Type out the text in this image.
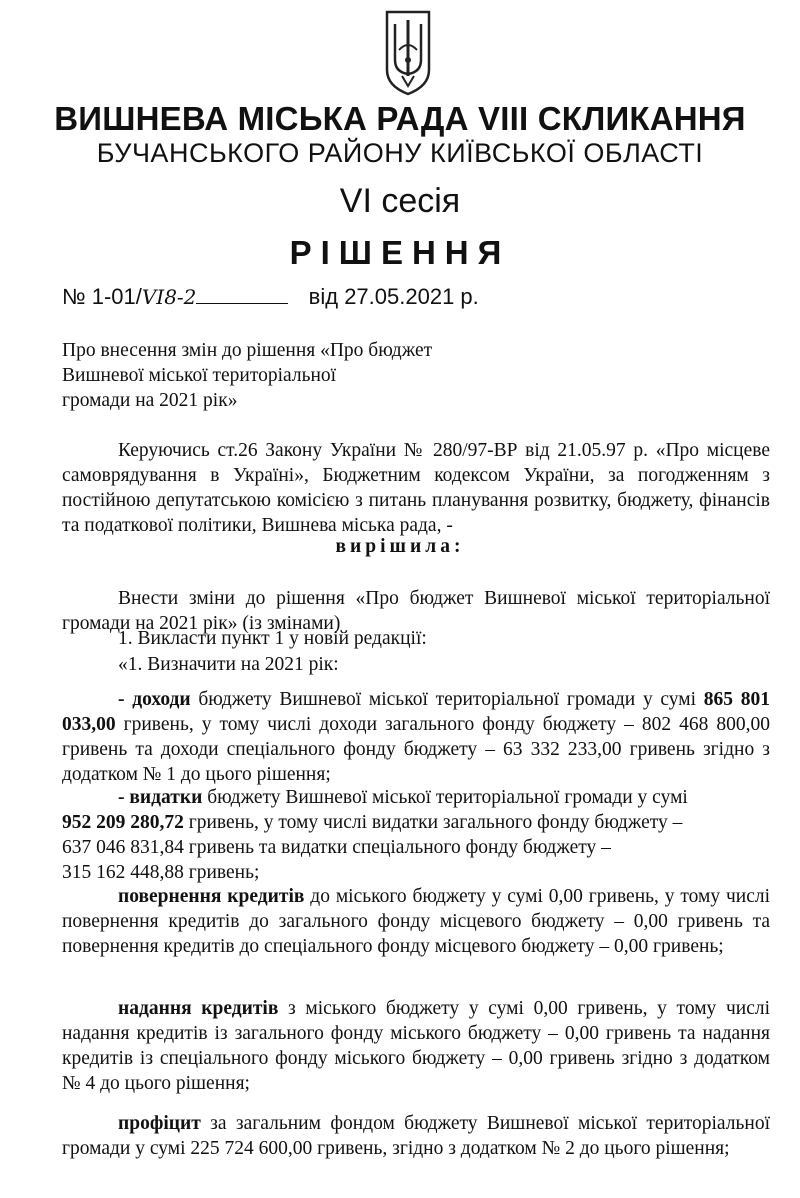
ВИШНЕВА МІСЬКА РАДА VIII СКЛИКАННЯ
БУЧАНСЬКОГО РАЙОНУ КИЇВСЬКОЇ ОБЛАСТІ
VI сесія
РІШЕННЯ
№ 1-01/VI8-2	від 27.05.2021 р.
Про внесення змін до рішення «Про бюджет
Вишневої міської територіальної
громади на 2021 рік»
Керуючись ст.26 Закону України № 280/97-ВР від 21.05.97 р. «Про місцеве самоврядування в Україні», Бюджетним кодексом України, за погодженням з постійною депутатською комісією з питань планування розвитку, бюджету, фінансів та податкової політики, Вишнева міська рада, -
вирішила:
Внести зміни до рішення «Про бюджет Вишневої міської територіальної громади на 2021 рік» (із змінами)
1. Викласти пункт 1 у новій редакції:
«1. Визначити на 2021 рік:
- доходи бюджету Вишневої міської територіальної громади у сумі 865 801 033,00 гривень, у тому числі доходи загального фонду бюджету – 802 468 800,00 гривень та доходи спеціального фонду бюджету – 63 332 233,00 гривень згідно з додатком № 1 до цього рішення;
- видатки бюджету Вишневої міської територіальної громади у сумі
952 209 280,72 гривень, у тому числі видатки загального фонду бюджету –
637 046 831,84 гривень та видатки спеціального фонду бюджету –
315 162 448,88 гривень;
повернення кредитів до міського бюджету у сумі 0,00 гривень, у тому числі повернення кредитів до загального фонду місцевого бюджету – 0,00 гривень та повернення кредитів до спеціального фонду місцевого бюджету – 0,00 гривень;
надання кредитів з міського бюджету у сумі 0,00 гривень, у тому числі надання кредитів із загального фонду міського бюджету – 0,00 гривень та надання кредитів із спеціального фонду міського бюджету – 0,00 гривень згідно з додатком № 4 до цього рішення;
профіцит за загальним фондом бюджету Вишневої міської територіальної громади у сумі 225 724 600,00 гривень, згідно з додатком № 2 до цього рішення;
